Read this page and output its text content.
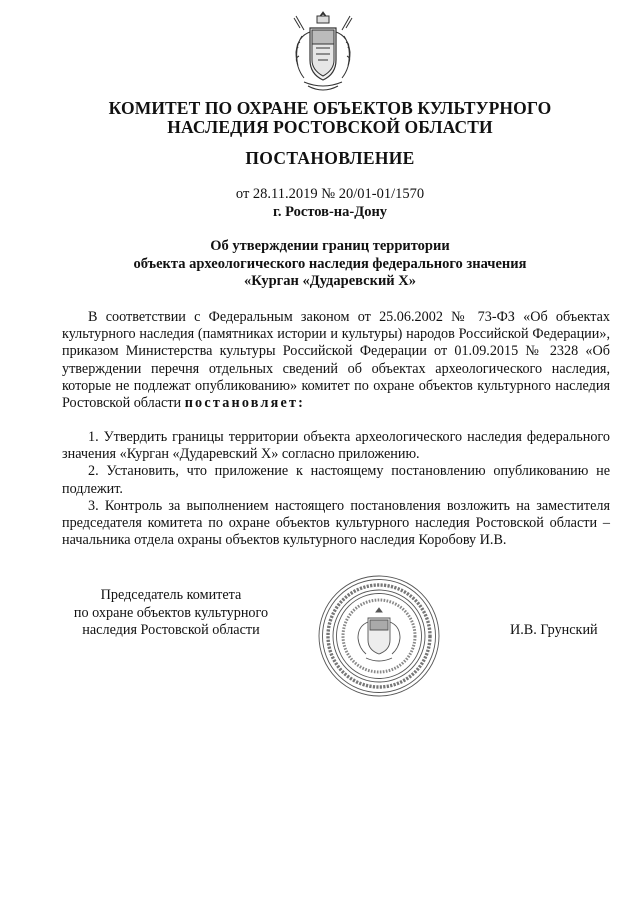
КОМИТЕТ ПО ОХРАНЕ ОБЪЕКТОВ КУЛЬТУРНОГО
НАСЛЕДИЯ РОСТОВСКОЙ ОБЛАСТИ
ПОСТАНОВЛЕНИЕ
от 28.11.2019 № 20/01-01/1570
г. Ростов-на-Дону
Об утверждении границ территории
объекта археологического наследия федерального значения
«Курган «Дударевский Х»
В соответствии с Федеральным законом от 25.06.2002 № 73-ФЗ «Об объектах культурного наследия (памятниках истории и культуры) народов Российской Федерации», приказом Министерства культуры Российской Федерации от 01.09.2015 № 2328 «Об утверждении перечня отдельных сведений об объектах археологического наследия, которые не подлежат опубликованию» комитет по охране объектов культурного наследия Ростовской области постановляет:

1. Утвердить границы территории объекта археологического наследия федерального значения «Курган «Дударевский Х» согласно приложению.

2. Установить, что приложение к настоящему постановлению опубликованию не подлежит.

3. Контроль за выполнением настоящего постановления возложить на заместителя председателя комитета по охране объектов культурного наследия Ростовской области – начальника отдела охраны объектов культурного наследия Коробову И.В.

Председатель комитета
по охране объектов культурного
наследия Ростовской области	И.В. Грунский
